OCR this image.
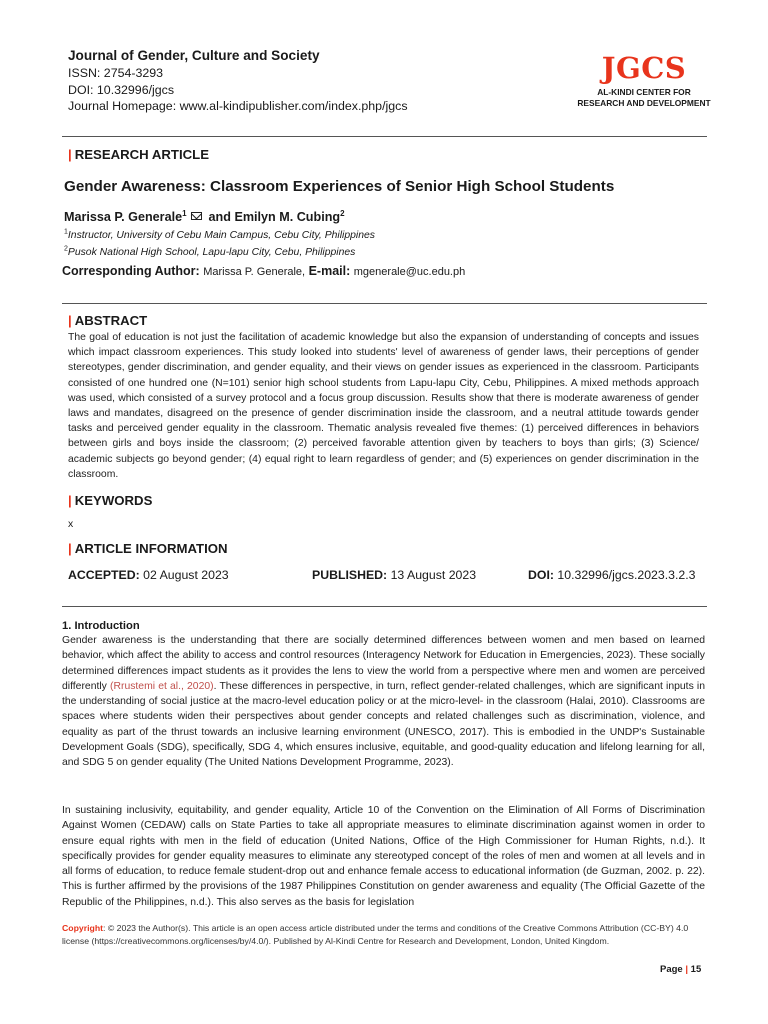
Journal of Gender, Culture and Society
ISSN: 2754-3293
DOI: 10.32996/jgcs
Journal Homepage: www.al-kindipublisher.com/index.php/jgcs
JGCS
AL-KINDI CENTER FOR RESEARCH AND DEVELOPMENT
| RESEARCH ARTICLE
Gender Awareness: Classroom Experiences of Senior High School Students
Marissa P. Generale$^1$ and Emilyn M. Cubing$^2$
$^1$Instructor, University of Cebu Main Campus, Cebu City, Philippines
$^2$Pusok National High School, Lapu-lapu City, Cebu, Philippines
Corresponding Author: Marissa P. Generale, E-mail: mgenerale@uc.edu.ph
| ABSTRACT
The goal of education is not just the facilitation of academic knowledge but also the expansion of understanding of concepts and issues which impact classroom experiences. This study looked into students' level of awareness of gender laws, their perceptions of gender stereotypes, gender discrimination, and gender equality, and their views on gender issues as experienced in the classroom. Participants consisted of one hundred one (N=101) senior high school students from Lapu-lapu City, Cebu, Philippines. A mixed methods approach was used, which consisted of a survey protocol and a focus group discussion. Results show that there is moderate awareness of gender laws and mandates, disagreed on the presence of gender discrimination inside the classroom, and a neutral attitude towards gender tasks and perceived gender equality in the classroom. Thematic analysis revealed five themes: (1) perceived differences in behaviors between girls and boys inside the classroom; (2) perceived favorable attention given by teachers to boys than girls; (3) Science/ academic subjects go beyond gender; (4) equal right to learn regardless of gender; and (5) experiences on gender discrimination in the classroom.
| KEYWORDS
x
| ARTICLE INFORMATION
ACCEPTED: 02 August 2023	PUBLISHED: 13 August 2023	DOI: 10.32996/jgcs.2023.3.2.3
1. Introduction
Gender awareness is the understanding that there are socially determined differences between women and men based on learned behavior, which affect the ability to access and control resources (Interagency Network for Education in Emergencies, 2023). These socially determined differences impact students as it provides the lens to view the world from a perspective where men and women are perceived differently (Rrustemi et al., 2020). These differences in perspective, in turn, reflect gender-related challenges, which are significant inputs in the understanding of social justice at the macro-level education policy or at the micro-level- in the classroom (Halai, 2010). Classrooms are spaces where students widen their perspectives about gender concepts and related challenges such as discrimination, violence, and equality as part of the thrust towards an inclusive learning environment (UNESCO, 2017). This is embodied in the UNDP's Sustainable Development Goals (SDG), specifically, SDG 4, which ensures inclusive, equitable, and good-quality education and lifelong learning for all, and SDG 5 on gender equality (The United Nations Development Programme, 2023).
In sustaining inclusivity, equitability, and gender equality, Article 10 of the Convention on the Elimination of All Forms of Discrimination Against Women (CEDAW) calls on State Parties to take all appropriate measures to eliminate discrimination against women in order to ensure equal rights with men in the field of education (United Nations, Office of the High Commissioner for Human Rights, n.d.). It specifically provides for gender equality measures to eliminate any stereotyped concept of the roles of men and women at all levels and in all forms of education, to reduce female student-drop out and enhance female access to educational information (de Guzman, 2002. p. 22). This is further affirmed by the provisions of the 1987 Philippines Constitution on gender awareness and equality (The Official Gazette of the Republic of the Philippines, n.d.). This also serves as the basis for legislation
Copyright: © 2023 the Author(s). This article is an open access article distributed under the terms and conditions of the Creative Commons Attribution (CC-BY) 4.0 license (https://creativecommons.org/licenses/by/4.0/). Published by Al-Kindi Centre for Research and Development, London, United Kingdom.
Page | 15
